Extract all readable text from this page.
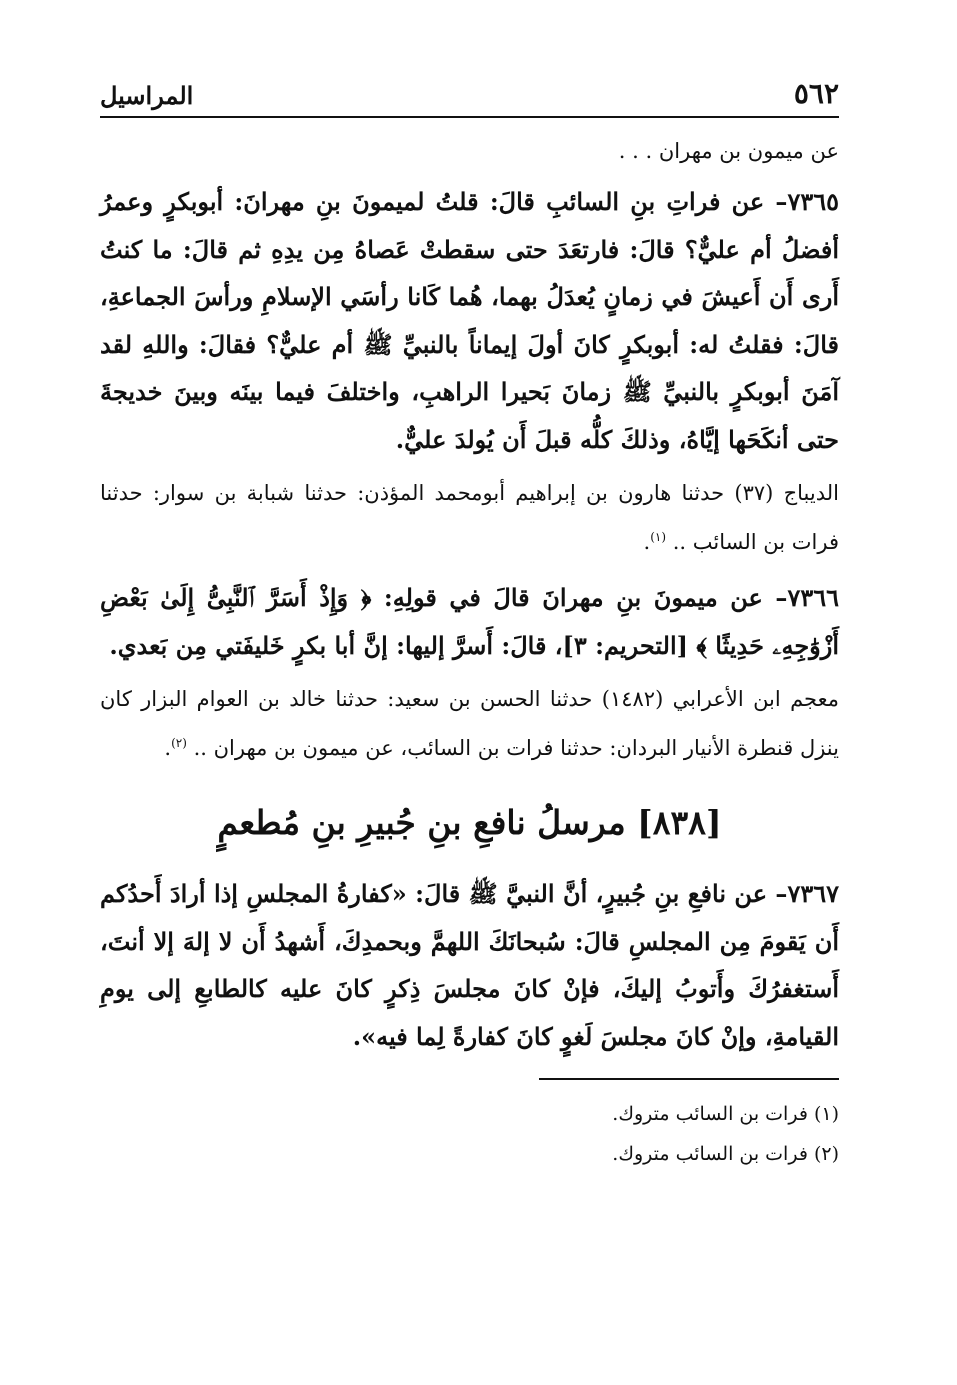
٥٦٢
المراسيل

عن ميمون بن مهران . . .

٧٣٦٥– عن فراتِ بنِ السائبِ قالَ: قلتُ لميمونَ بنِ مهرانَ: أبوبكرٍ وعمرُ أفضلُ أم عليٌّ؟ قالَ: فارتعَدَ حتى سقطتْ عَصاهُ مِن يدِهِ ثم قالَ: ما كنتُ أَرى أَن أَعيشَ في زمانٍ يُعدَلُ بهما، هُما كَانا رأسَي الإسلامِ ورأسَ الجماعةِ، قالَ: فقلتُ له: أبوبكرٍ كانَ أولَ إيماناً بالنبيِّ ﷺ أم عليٌّ؟ فقالَ: واللهِ لقد آمَنَ أبوبكرٍ بالنبيِّ ﷺ زمانَ بَحيرا الراهبِ، واختلفَ فيما بينَه وبينَ خديجةَ حتى أنكَحَها إيَّاهُ، وذلكَ كلُّه قبلَ أَن يُولدَ عليٌّ.

الديباج (٣٧) حدثنا هارون بن إبراهيم أبومحمد المؤذن: حدثنا شبابة بن سوار: حدثنا فرات بن السائب .. $^{(١)}$.

٧٣٦٦– عن ميمونَ بنِ مهرانَ قالَ في قولِهِ: ﴿ وَإِذْ أَسَرَّ ٱلنَّبِىُّ إِلَىٰ بَعْضِ أَزْوَٰجِهِۦ حَدِيثًا ﴾ [التحريم: ٣]، قالَ: أَسرَّ إليها: إنَّ أبا بكرٍ خَليفَتي مِن بَعدي.

معجم ابن الأعرابي (١٤٨٢) حدثنا الحسن بن سعيد: حدثنا خالد بن العوام البزار كان ينزل قنطرة الأنيار البردان: حدثنا فرات بن السائب، عن ميمون بن مهران .. $^{(٢)}$.

[٨٣٨] مرسلُ نافعِ بنِ جُبيرِ بنِ مُطعمٍ

٧٣٦٧– عن نافعِ بنِ جُبيرٍ، أنَّ النبيَّ ﷺ قالَ: «كفارةُ المجلسِ إذا أرادَ أَحدُكم أَن يَقومَ مِن المجلسِ قالَ: سُبحانَكَ اللهمَّ وبحمدِكَ، أَشهدُ أَن لا إلهَ إلا أنتَ، أَستغفرُكَ وأَتوبُ إليكَ، فإنْ كانَ مجلسَ ذِكرٍ كانَ عليه كالطابعِ إلى يومِ القيامةِ، وإنْ كانَ مجلسَ لَغوٍ كانَ كفارةً لِما فيه».

(١) فرات بن السائب متروك.

(٢) فرات بن السائب متروك.
